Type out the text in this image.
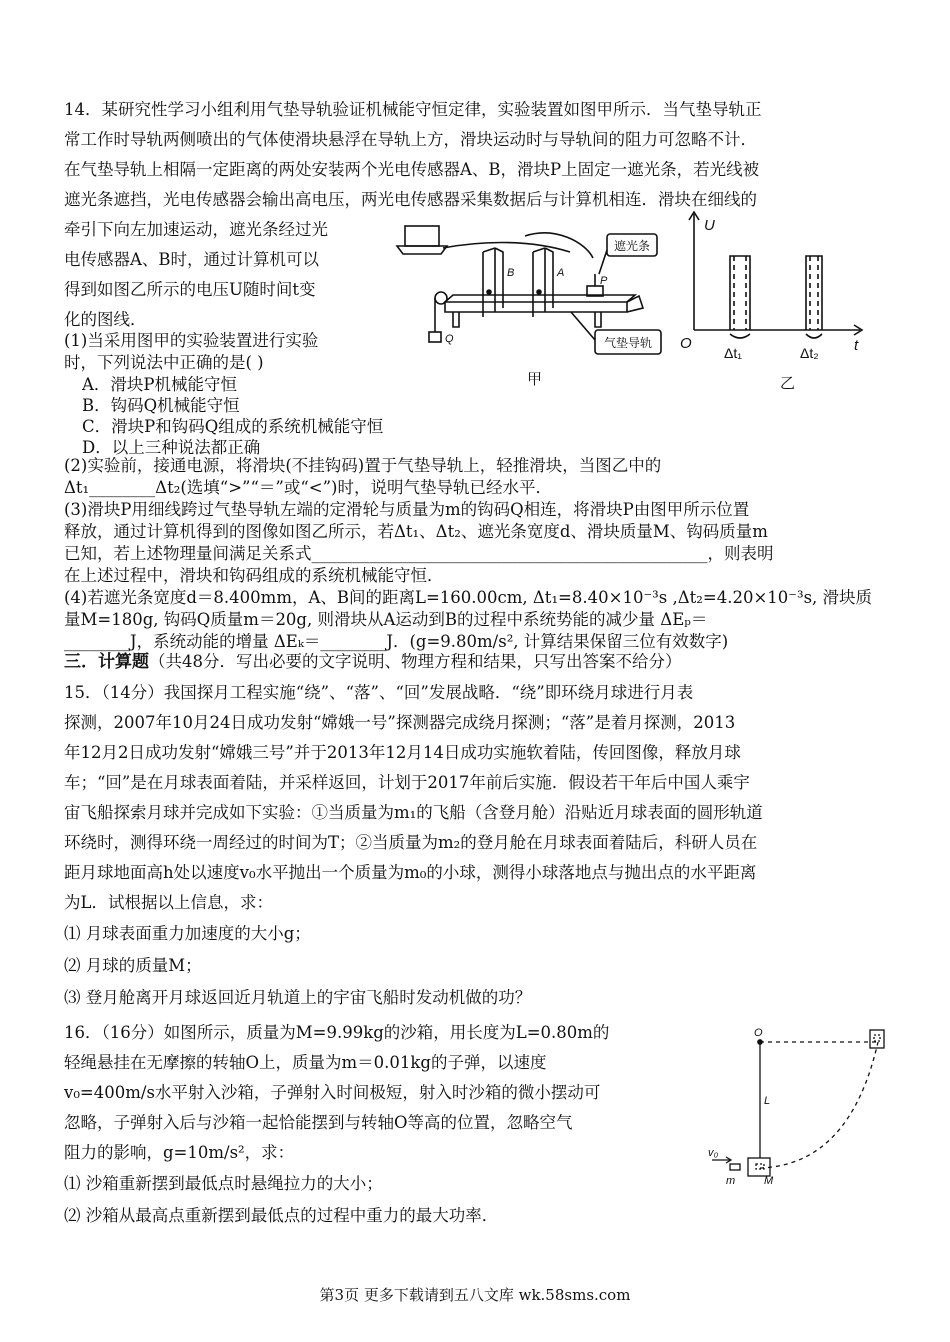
14．某研究性学习小组利用气垫导轨验证机械能守恒定律，实验装置如图甲所示．当气垫导轨正
常工作时导轨两侧喷出的气体使滑块悬浮在导轨上方，滑块运动时与导轨间的阻力可忽略不计．
在气垫导轨上相隔一定距离的两处安装两个光电传感器A、B，滑块P上固定一遮光条，若光线被
遮光条遮挡，光电传感器会输出高电压，两光电传感器采集数据后与计算机相连．滑块在细线的
牵引下向左加速运动，遮光条经过光
电传感器A、B时，通过计算机可以
得到如图乙所示的电压U随时间t变
化的图线．
(1)当采用图甲的实验装置进行实验
时，下列说法中正确的是( )
A．滑块P机械能守恒
B．钩码Q机械能守恒
C．滑块P和钩码Q组成的系统机械能守恒
D．以上三种说法都正确
遮光条
气垫导轨
B	A
P
Q
甲
U
t
O
Δt₁	Δt₂
乙
(2)实验前，接通电源，将滑块(不挂钩码)置于气垫导轨上，轻推滑块，当图乙中的
Δt₁________Δt₂(选填“>”“＝”或“<”)时，说明气垫导轨已经水平．
(3)滑块P用细线跨过气垫导轨左端的定滑轮与质量为m的钩码Q相连，将滑块P由图甲所示位置
释放，通过计算机得到的图像如图乙所示，若Δt₁、Δt₂、遮光条宽度d、滑块质量M、钩码质量m
已知，若上述物理量间满足关系式________________________________________________，则表明
在上述过程中，滑块和钩码组成的系统机械能守恒．
(4)若遮光条宽度d＝8.400mm，A、B间的距离L=160.00cm, Δt₁=8.40×10⁻³s ,Δt₂=4.20×10⁻³s, 滑块质
量M=180g, 钩码Q质量m＝20g, 则滑块从A运动到B的过程中系统势能的减少量 ΔEₚ＝
________J，系统动能的增量 ΔEₖ＝________J．(g=9.80m/s², 计算结果保留三位有效数字)
三．计算题（共48分．写出必要的文字说明、物理方程和结果，只写出答案不给分）
15．（14分）我国探月工程实施“绕”、“落”、“回”发展战略．“绕”即环绕月球进行月表
探测，2007年10月24日成功发射“嫦娥一号”探测器完成绕月探测；“落”是着月探测，2013
年12月2日成功发射“嫦娥三号”并于2013年12月14日成功实施软着陆，传回图像，释放月球
车；“回”是在月球表面着陆，并采样返回，计划于2017年前后实施．假设若干年后中国人乘宇
宙飞船探索月球并完成如下实验：①当质量为m₁的飞船（含登月舱）沿贴近月球表面的圆形轨道
环绕时，测得环绕一周经过的时间为T；②当质量为m₂的登月舱在月球表面着陆后，科研人员在
距月球地面高h处以速度v₀水平抛出一个质量为m₀的小球，测得小球落地点与抛出点的水平距离
为L．试根据以上信息，求：
⑴ 月球表面重力加速度的大小g；
⑵ 月球的质量M；
⑶ 登月舱离开月球返回近月轨道上的宇宙飞船时发动机做的功？
16．（16分）如图所示，质量为M=9.99kg的沙箱，用长度为L=0.80m的
轻绳悬挂在无摩擦的转轴O上，质量为m＝0.01kg的子弹，以速度
v₀=400m/s水平射入沙箱，子弹射入时间极短，射入时沙箱的微小摆动可
忽略，子弹射入后与沙箱一起恰能摆到与转轴O等高的位置，忽略空气
阻力的影响，g=10m/s²，求：
⑴ 沙箱重新摆到最低点时悬绳拉力的大小；
⑵ 沙箱从最高点重新摆到最低点的过程中重力的最大功率．
O
L
v₀
m	M
第3页 更多下载请到五八文库 wk.58sms.com
